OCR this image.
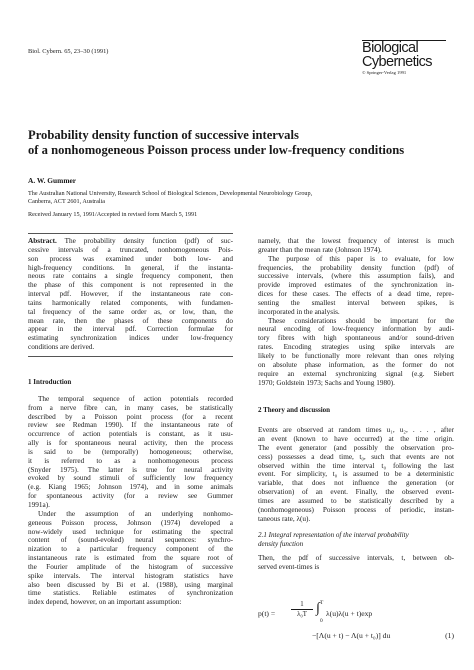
Biol. Cybern. 65, 23–30 (1991)	Biological
Cybernetics
© Springer-Verlag 1991
Probability density function of successive intervals
of a nonhomogeneous Poisson process under low-frequency conditions
A. W. Gummer
The Australian National University, Research School of Biological Sciences, Developmental Neurobiology Group,
Canberra, ACT 2601, Australia
Received January 15, 1991/Accepted in revised form March 5, 1991
Abstract. The probability density function (pdf) of suc-
cessive intervals of a truncated, nonhomogeneous Pois-
son process was examined under both low- and
high-frequency conditions. In general, if the instanta-
neous rate contains a single frequency component, then
the phase of this component is not represented in the
interval pdf. However, if the instantaneous rate con-
tains harmonically related components, with fundamen-
tal frequency of the same order as, or low, than, the
mean rate, then the phases of these components do
appear in the interval pdf. Correction formulae for
estimating synchronization indices under low-frequency
conditions are derived.

1 Introduction

The temporal sequence of action potentials recorded
from a nerve fibre can, in many cases, be statistically
described by a Poisson point process (for a recent
review see Redman 1990). If the instantaneous rate of
occurrence of action potentials is constant, as it usu-
ally is for spontaneous neural activity, then the process
is said to be (temporally) homogeneous; otherwise,
it is referred to as a nonhomogeneous process
(Snyder 1975). The latter is true for neural activity
evoked by sound stimuli of sufficiently low frequency
(e.g. Kiang 1965; Johnson 1974), and in some animals
for spontaneous activity (for a review see Gummer
1991a).
Under the assumption of an underlying nonhomo-
geneous Poisson process, Johnson (1974) developed a
now-widely used technique for estimating the spectral
content of (sound-evoked) neural sequences: synchro-
nization to a particular frequency component of the
instantaneous rate is estimated from the square root of
the Fourier amplitude of the histogram of successive
spike intervals. The interval histogram statistics have
also been discussed by Bi et al. (1988), using marginal
time statistics. Reliable estimates of synchronization
index depend, however, on an important assumption:
namely, that the lowest frequency of interest is much
greater than the mean rate (Johnson 1974).
The purpose of this paper is to evaluate, for low
frequencies, the probability density function (pdf) of
successive intervals, (where this assumption fails), and
provide improved estimates of the synchronization in-
dices for these cases. The effects of a dead time, repre-
senting the smallest interval between spikes, is
incorporated in the analysis.
These considerations should be important for the
neural encoding of low-frequency information by audi-
tory fibres with high spontaneous and/or sound-driven
rates. Encoding strategies using spike intervals are
likely to be functionally more relevant than ones relying
on absolute phase information, as the former do not
require an external synchronizing signal (e.g. Siebert
1970; Goldstein 1973; Sachs and Young 1980).

2 Theory and discussion

Events are observed at random times u₁, u₂, . . . , after
an event (known to have occurred) at the time origin.
The event generator (and possibly the observation pro-
cess) possesses a dead time, t₀, such that events are not
observed within the time interval t₀ following the last
event. For simplicity, t₀ is assumed to be a deterministic
variable, that does not influence the generation (or
observation) of an event. Finally, the observed event-
times are assumed to be statistically described by a
(nonhomogeneous) Poisson process of periodic, instan-
taneous rate, λ(u).

2.1 Integral representation of the interval probability

density function

Then, the pdf of successive intervals, t, between ob-
served event-times is
p(t) =
1
λ₀T ∫ T
0
λ(u)λ(u + t)exp
−[Λ(u + t) − Λ(u + t₀)] du	(1)
